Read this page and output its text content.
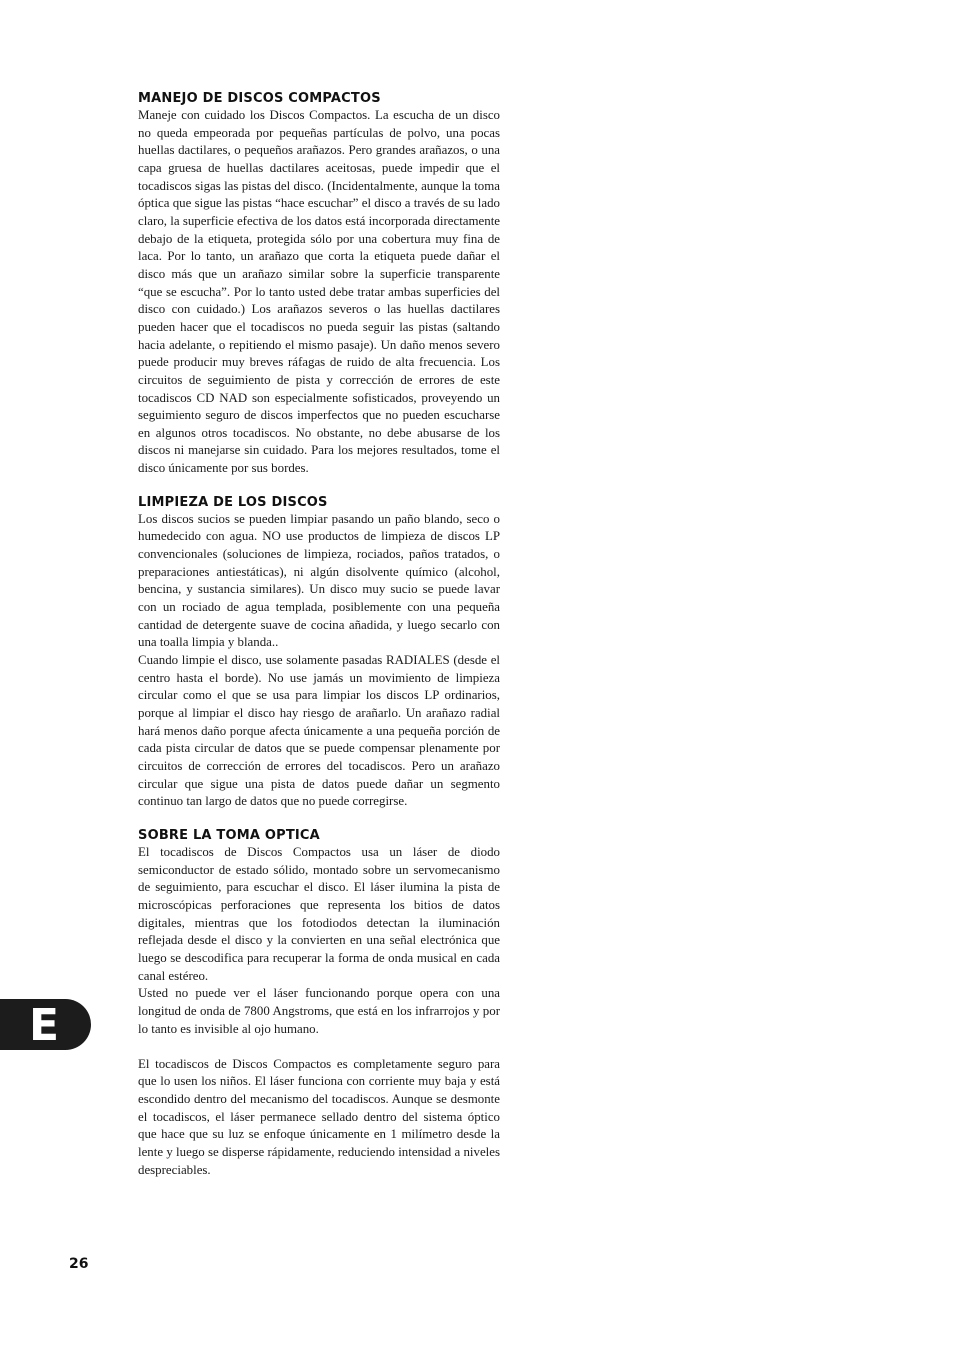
MANEJO DE DISCOS COMPACTOS

Maneje con cuidado los Discos Compactos. La escucha de un disco no queda empeorada por pequeñas partículas de polvo, una pocas huellas dactilares, o pequeños arañazos. Pero grandes arañazos, o una capa gruesa de huellas dactilares aceitosas, puede impedir que el tocadiscos sigas las pistas del disco. (Incidentalmente, aunque la toma óptica que sigue las pistas “hace escuchar” el disco a través de su lado claro, la superficie efectiva de los datos está incorporada directamente debajo de la etiqueta, protegida sólo por una cobertura muy fina de laca. Por lo tanto, un arañazo que corta la etiqueta puede dañar el disco más que un arañazo similar sobre la superficie transparente “que se escucha”. Por lo tanto usted debe tratar ambas superficies del disco con cuidado.) Los arañazos severos o las huellas dactilares pueden hacer que el tocadiscos no pueda seguir las pistas (saltando hacia adelante, o repitiendo el mismo pasaje). Un daño menos severo puede producir muy breves ráfagas de ruido de alta frecuencia. Los circuitos de seguimiento de pista y corrección de errores de este tocadiscos CD NAD son especialmente sofisticados, proveyendo un seguimiento seguro de discos imperfectos que no pueden escucharse en algunos otros tocadiscos. No obstante, no debe abusarse de los discos ni manejarse sin cuidado. Para los mejores resultados, tome el disco únicamente por sus bordes.

LIMPIEZA DE LOS DISCOS

Los discos sucios se pueden limpiar pasando un paño blando, seco o humedecido con agua. NO use productos de limpieza de discos LP convencionales (soluciones de limpieza, rociados, paños tratados, o preparaciones antiestáticas), ni algún disolvente químico (alcohol, bencina, y sustancia similares). Un disco muy sucio se puede lavar con un rociado de agua templada, posiblemente con una pequeña cantidad de detergente suave de cocina añadida, y luego secarlo con una toalla limpia y blanda..

Cuando limpie el disco, use solamente pasadas RADIALES (desde el centro hasta el borde). No use jamás un movimiento de limpieza circular como el que se usa para limpiar los discos LP ordinarios, porque al limpiar el disco hay riesgo de arañarlo. Un arañazo radial hará menos daño porque afecta únicamente a una pequeña porción de cada pista circular de datos que se puede compensar plenamente por circuitos de corrección de errores del tocadiscos. Pero un arañazo circular que sigue una pista de datos puede dañar un segmento continuo tan largo de datos que no puede corregirse.

SOBRE LA TOMA OPTICA

El tocadiscos de Discos Compactos usa un láser de diodo semiconductor de estado sólido, montado sobre un servomecanismo de seguimiento, para escuchar el disco. El láser ilumina la pista de microscópicas perforaciones que representa los bitios de datos digitales, mientras que los fotodiodos detectan la iluminación reflejada desde el disco y la convierten en una señal electrónica que luego se descodifica para recuperar la forma de onda musical en cada canal estéreo.

Usted no puede ver el láser funcionando porque opera con una longitud de onda de 7800 Angstroms, que está en los infrarrojos y por lo tanto es invisible al ojo humano.

El tocadiscos de Discos Compactos es completamente seguro para que lo usen los niños. El láser funciona con corriente muy baja y está escondido dentro del mecanismo del tocadiscos. Aunque se desmonte el tocadiscos, el láser permanece sellado dentro del sistema óptico que hace que su luz se enfoque únicamente en 1 milímetro desde la lente y luego se disperse rápidamente, reduciendo intensidad a niveles despreciables.

E
26
